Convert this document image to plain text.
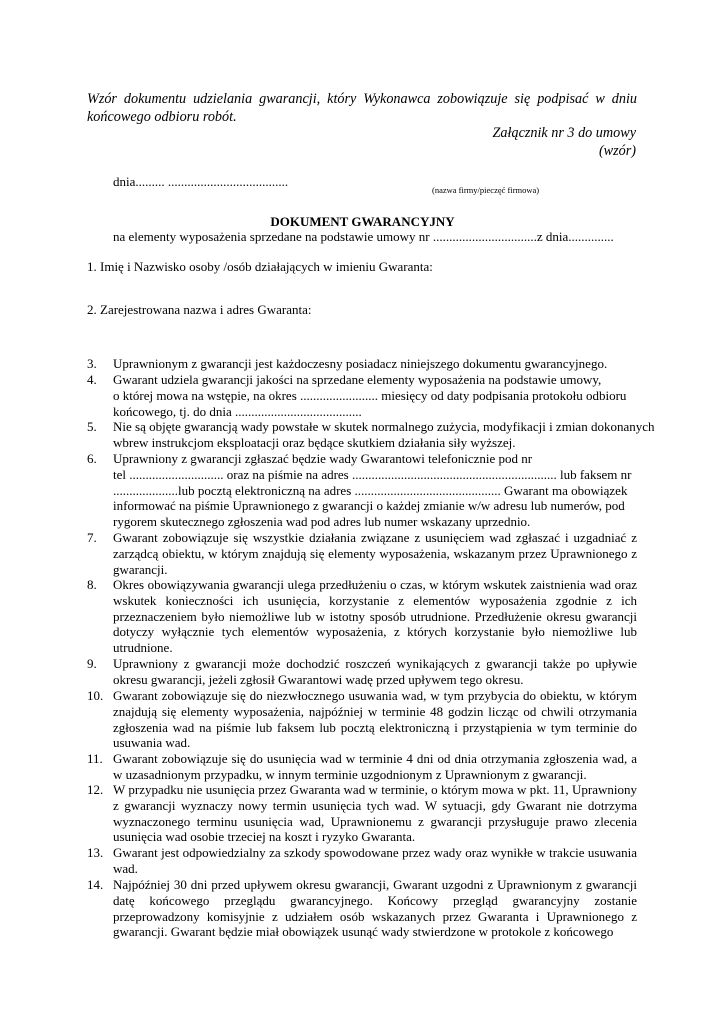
Wzór dokumentu udzielania gwarancji, który Wykonawca zobowiązuje się podpisać w dniu końcowego odbioru robót.
Załącznik nr 3 do umowy
(wzór)
dnia......... .....................................
(nazwa firmy/pieczęć firmowa)
DOKUMENT GWARANCYJNY
na elementy wyposażenia sprzedane na podstawie umowy nr ................................z dnia..............
1. Imię i Nazwisko osoby /osób działających w imieniu Gwaranta:
2. Zarejestrowana nazwa i adres Gwaranta:
3. Uprawnionym z gwarancji jest każdoczesny posiadacz niniejszego dokumentu gwarancyjnego.
4. Gwarant udziela gwarancji jakości na sprzedane elementy wyposażenia na podstawie umowy,
o której mowa na wstępie, na okres ........................ miesięcy od daty podpisania protokołu odbioru
końcowego, tj. do dnia .......................................
5. Nie są objęte gwarancją wady powstałe w skutek normalnego zużycia, modyfikacji i zmian dokonanych
wbrew instrukcjom eksploatacji oraz będące skutkiem działania siły wyższej.
6. Uprawniony z gwarancji zgłaszać będzie wady Gwarantowi telefonicznie pod nr
tel ............................. oraz na piśmie na adres ............................................................... lub faksem nr
....................lub pocztą elektroniczną na adres ............................................. Gwarant ma obowiązek
informować na piśmie Uprawnionego z gwarancji o każdej zmianie w/w adresu lub numerów, pod
rygorem skutecznego zgłoszenia wad pod adres lub numer wskazany uprzednio.
7. Gwarant zobowiązuje się wszystkie działania związane z usunięciem wad zgłaszać i uzgadniać z zarządcą obiektu, w którym znajdują się elementy wyposażenia, wskazanym przez Uprawnionego z gwarancji.
8. Okres obowiązywania gwarancji ulega przedłużeniu o czas, w którym wskutek zaistnienia wad oraz wskutek konieczności ich usunięcia, korzystanie z elementów wyposażenia zgodnie z ich przeznaczeniem było niemożliwe lub w istotny sposób utrudnione. Przedłużenie okresu gwarancji dotyczy wyłącznie tych elementów wyposażenia, z których korzystanie było niemożliwe lub utrudnione.
9. Uprawniony z gwarancji może dochodzić roszczeń wynikających z gwarancji także po upływie okresu gwarancji, jeżeli zgłosił Gwarantowi wadę przed upływem tego okresu.
10. Gwarant zobowiązuje się do niezwłocznego usuwania wad, w tym przybycia do obiektu, w którym znajdują się elementy wyposażenia, najpóźniej w terminie 48 godzin licząc od chwili otrzymania zgłoszenia wad na piśmie lub faksem lub pocztą elektroniczną i przystąpienia w tym terminie do usuwania wad.
11. Gwarant zobowiązuje się do usunięcia wad w terminie 4 dni od dnia otrzymania zgłoszenia wad, a w uzasadnionym przypadku, w innym terminie uzgodnionym z Uprawnionym z gwarancji.
12. W przypadku nie usunięcia przez Gwaranta wad w terminie, o którym mowa w pkt. 11, Uprawniony z gwarancji wyznaczy nowy termin usunięcia tych wad. W sytuacji, gdy Gwarant nie dotrzyma wyznaczonego terminu usunięcia wad, Uprawnionemu z gwarancji przysługuje prawo zlecenia usunięcia wad osobie trzeciej na koszt i ryzyko Gwaranta.
13. Gwarant jest odpowiedzialny za szkody spowodowane przez wady oraz wynikłe w trakcie usuwania wad.
14. Najpóźniej 30 dni przed upływem okresu gwarancji, Gwarant uzgodni z Uprawnionym z gwarancji datę końcowego przeglądu gwarancyjnego. Końcowy przegląd gwarancyjny zostanie przeprowadzony komisyjnie z udziałem osób wskazanych przez Gwaranta i Uprawnionego z gwarancji. Gwarant będzie miał obowiązek usunąć wady stwierdzone w protokole z końcowego
